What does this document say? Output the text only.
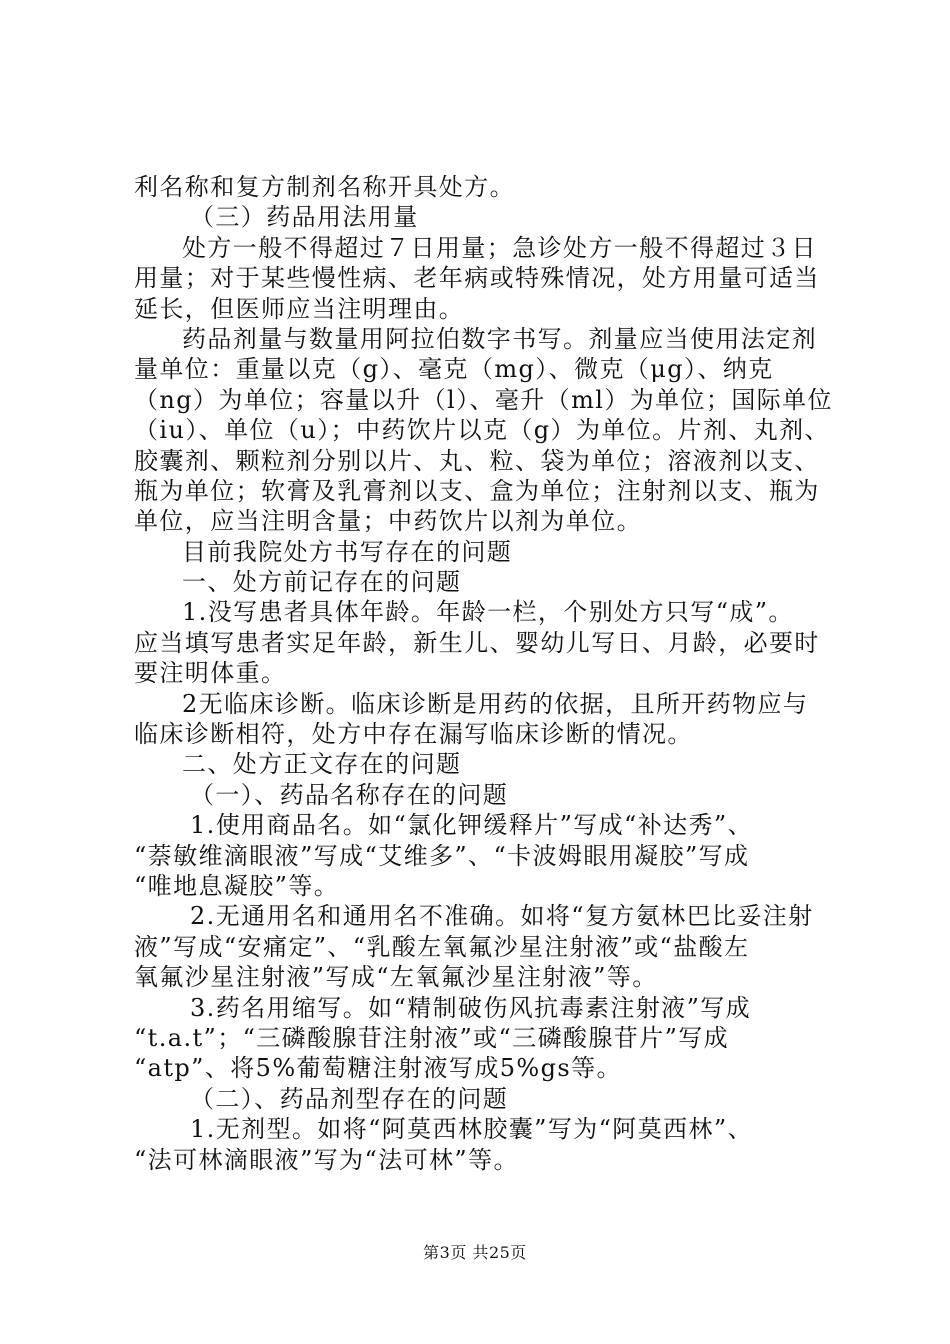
利名称和复方制剂名称开具处方。
（三）药品用法用量
处方一般不得超过７日用量；急诊处方一般不得超过３日
用量；对于某些慢性病、老年病或特殊情况，处方用量可适当
延长，但医师应当注明理由。
药品剂量与数量用阿拉伯数字书写。剂量应当使用法定剂
量单位：重量以克（g）、毫克（mg）、微克（μg）、纳克
（ng）为单位；容量以升（l）、毫升（ml）为单位；国际单位
（iu）、单位（u）；中药饮片以克（g）为单位。片剂、丸剂、
胶囊剂、颗粒剂分别以片、丸、粒、袋为单位；溶液剂以支、
瓶为单位；软膏及乳膏剂以支、盒为单位；注射剂以支、瓶为
单位，应当注明含量；中药饮片以剂为单位。
目前我院处方书写存在的问题
一、处方前记存在的问题
1.没写患者具体年龄。年龄一栏，个别处方只写“成”。
应当填写患者实足年龄，新生儿、婴幼儿写日、月龄，必要时
要注明体重。
2无临床诊断。临床诊断是用药的依据，且所开药物应与
临床诊断相符，处方中存在漏写临床诊断的情况。
二、处方正文存在的问题
（一）、药品名称存在的问题
1.使用商品名。如“氯化钾缓释片”写成“补达秀”、
“萘敏维滴眼液”写成“艾维多”、“卡波姆眼用凝胶”写成
“唯地息凝胶”等。
2.无通用名和通用名不准确。如将“复方氨林巴比妥注射
液”写成“安痛定”、“乳酸左氧氟沙星注射液”或“盐酸左
氧氟沙星注射液”写成“左氧氟沙星注射液”等。
3.药名用缩写。如“精制破伤风抗毒素注射液”写成
“t.a.t”；“三磷酸腺苷注射液”或“三磷酸腺苷片”写成
“atp”、将5%葡萄糖注射液写成5%gs等。
（二）、药品剂型存在的问题
1.无剂型。如将“阿莫西林胶囊”写为“阿莫西林”、
“法可林滴眼液”写为“法可林”等。
第3页 共25页
